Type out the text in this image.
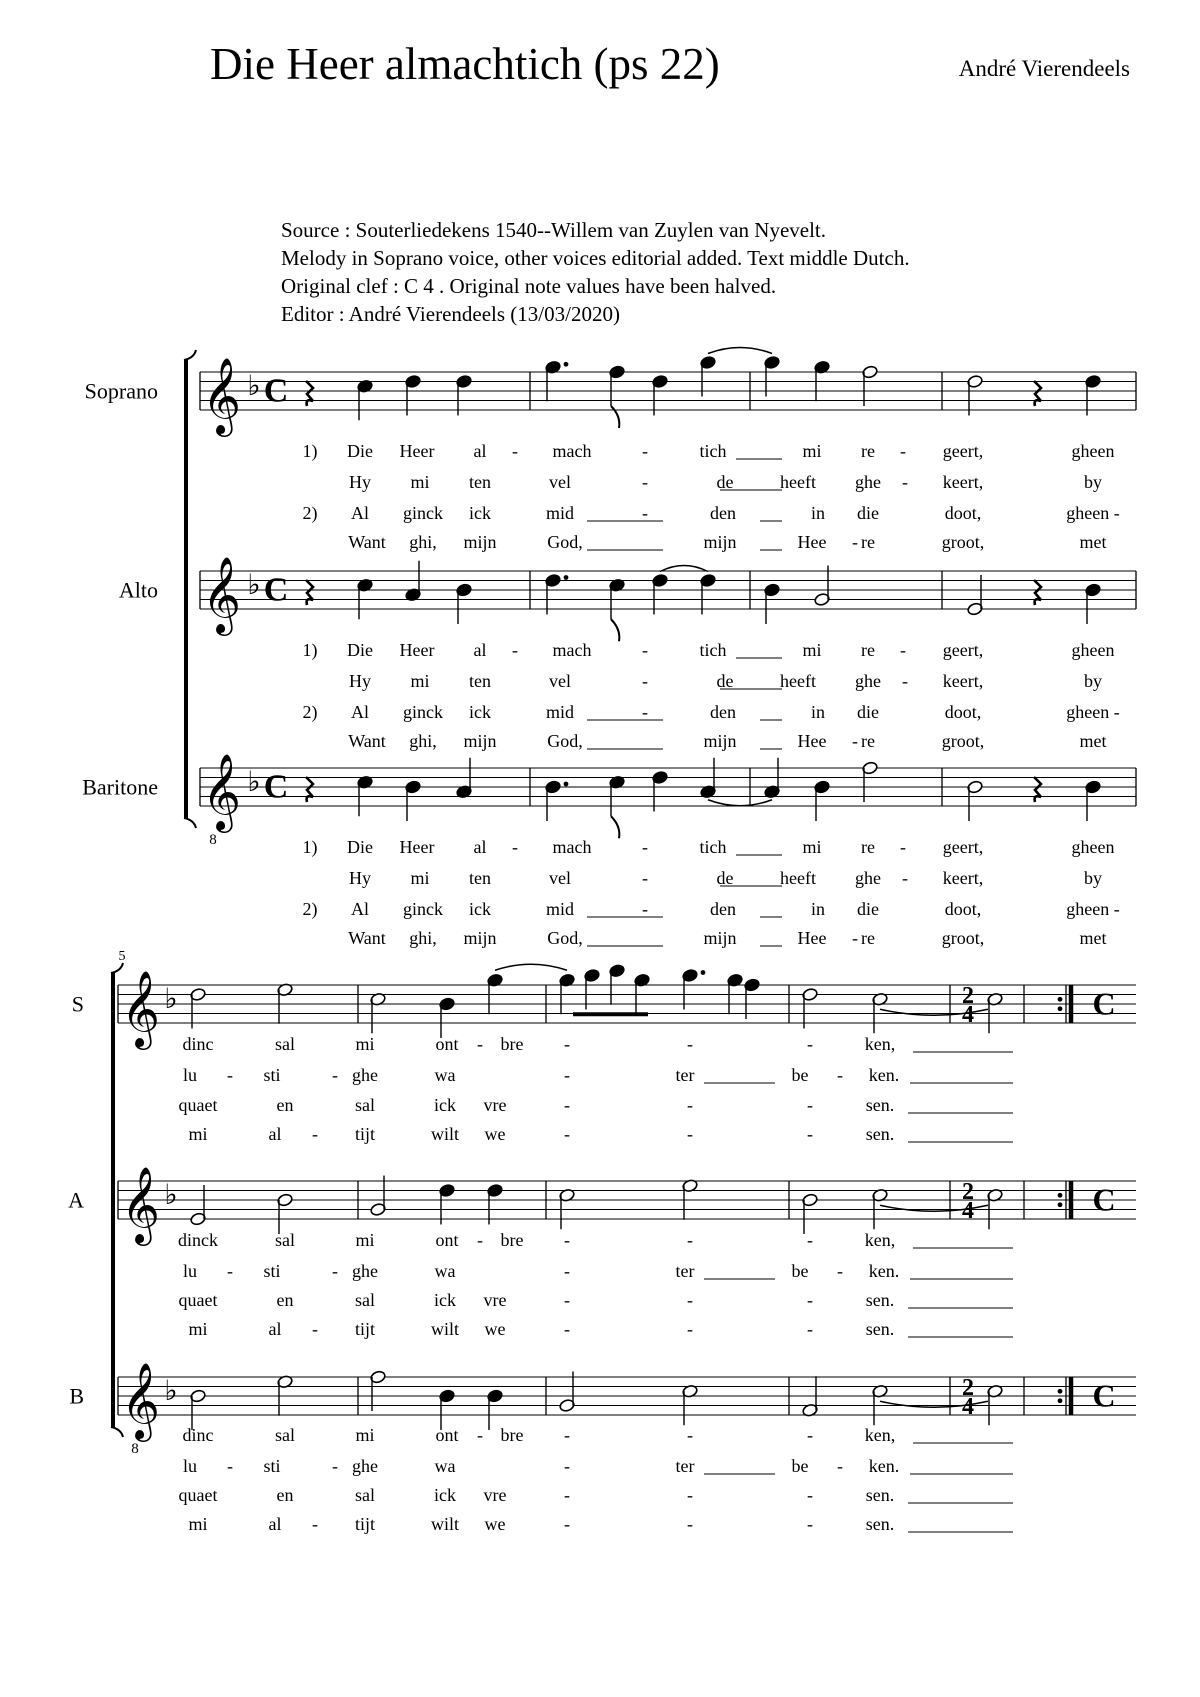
Die Heer almachtich (ps 22)	André Vierendeels
Source : Souterliedekens 1540--Willem van Zuylen van Nyevelt.
Melody in Soprano voice, other voices editorial added. Text middle Dutch.
Original clef : C 4 . Original note values have been halved.
Editor : André Vierendeels (13/03/2020)
𝄞 ♭ C
Soprano
𝄞 ♭ C
Alto
𝄞
8
♭ C
Baritone
1) Die Heer al - mach	-	tich	mi re - geert,	gheen
Hy mi ten	vel	-	de	heeft ghe - keert,	by
2) Al ginck ick	mid	-	den	in die	doot,	gheen -
Want ghi, mijn	God,	mijn	Hee - re	groot,	met
1) Die Heer al - mach	-	tich	mi re - geert,	gheen
Hy mi ten	vel	-	de	heeft ghe - keert,	by
2) Al ginck ick	mid	-	den	in die	doot,	gheen -
Want ghi, mijn	God,	mijn	Hee - re	groot,	met
1) Die Heer al - mach	-	tich	mi re - geert,	gheen
Hy mi ten	vel	-	de	heeft ghe - keert,	by
2) Al ginck ick	mid	-	den	in die	doot,	gheen -
Want ghi, mijn	God,	mijn	Hee - re	groot,	met
5
𝄞 ♭	2
4	C
S
𝄞 ♭	2
4	C
A
𝄞
8
♭	2
4	C
B
dinc	sal	mi	ont - bre -	-	-	ken,
lu - sti	- ghe	wa	-	ter	be - ken.
quaet	en	sal	ick vre	-	-	-	sen.
mi	al - tijt	wilt we	-	-	-	sen.
dinck	sal	mi	ont - bre -	-	-	ken,
lu - sti	- ghe	wa	-	ter	be - ken.
quaet	en	sal	ick vre	-	-	-	sen.
mi	al - tijt	wilt we	-	-	-	sen.
dinc	sal	mi	ont - bre -	-	-	ken,
lu - sti	- ghe	wa	-	ter	be - ken.
quaet	en	sal	ick vre	-	-	-	sen.
mi	al - tijt	wilt we	-	-	-	sen.
